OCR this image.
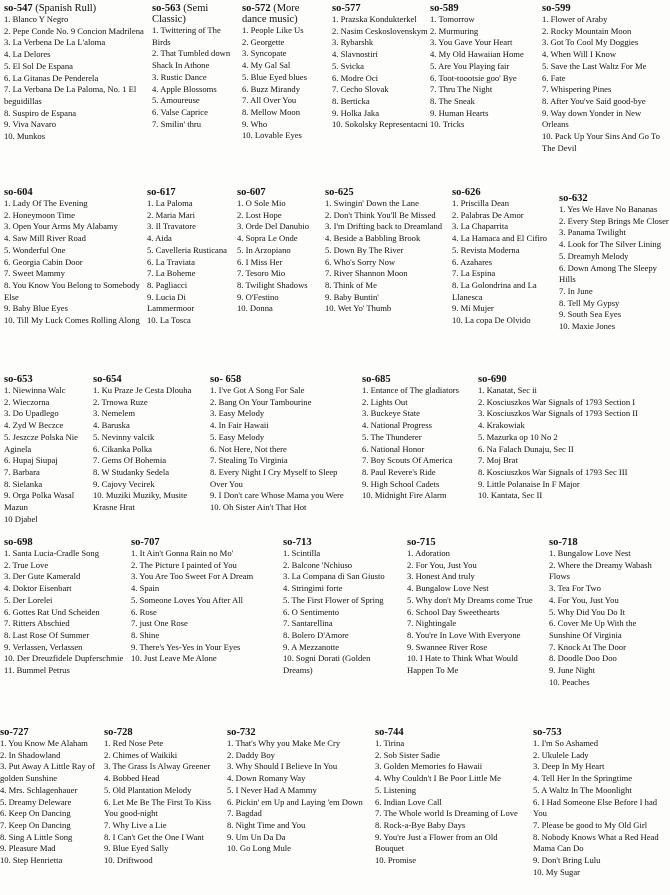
so-547 (Spanish Rull)
1. Blanco Y Negro
2. Pepe Conde No. 9 Concion Madrilena
3. La Verbena De La L'aloma
4. La Delores
5. El Sol De Espana
6. La Gitanas De Penderela
7. La Verbana De La Paloma, No. 1 El beguidillas
8. Suspiro de Espana
9. Viva Navaro
10. Munkos
so-563 (Semi Classic)
1. Twittering of The Birds
2. That Tumbled down Shack In Athone
3. Rustic Dance
4. Apple Blossoms
5. Amoureuse
6. Valse Caprice
7. Smilin' thru
so-572 (More dance music)
1. People Like Us
2. Georgette
3. Syncopate
4. My Gal Sal
5. Blue Eyed blues
6. Buzz Mirandy
7. All Over You
8. Mellow Moon
9. Who
10. Lovable Eyes
so-577
1. Prazska Kondukterkel
2. Nasim Ceskoslovenskym
3. Rybarshk
4. Slavnostiri
5. Svicka
6. Modre Oci
7. Cecho Slovak
8. Berticka
9. Holka Jaka
10. Sokolsky Representacni
so-589
1. Tomorrow
2. Murmuring
3. You Gave Your Heart
4. My Old Hawaiian Home
5. Are You Playing fair
6. Toot-toootsie goo' Bye
7. Thru The Night
8. The Sneak
9. Human Hearts
10. Tricks
so-599
1. Flower of Araby
2. Rocky Mountain Moon
3. Got To Cool My Doggies
4. When Will I Know
5. Save the Last Waltz For Me
6. Fate
7. Whispering Pines
8. After You've Said good-bye
9. Way down Yonder in New Orleans
10. Pack Up Your Sins And Go To The Devil
so-604
1. Lady Of The Evening
2. Honeymoon Time
3. Open Your Arms My Alabamy
4. Saw Mill River Road
5. Wonderful One
6. Georgia Cabin Door
7. Sweet Mammy
8. You Know You Belong to Somebody Else
9. Baby Blue Eyes
10. Till My Luck Comes Rolling Along
so-617
1. La Paloma
2. Maria Mari
3. Il Travatore
4. Aida
5. Cavelleria Rusticana
6. La Traviata
7. La Boheme
8. Pagliacci
9. Lucia Di Lammermoor
10. La Tosca
so-607
1. O Sole Mio
2. Lost Hope
3. Orde Del Danubio
4. Sopra Le Onde
5. In Arzopiano
6. I Miss Her
7. Tesoro Mio
8. Twilight Shadows
9. O'Festino
10. Donna
so-625
1. Swingin' Down the Lane
2. Don't Think You'll Be Missed
3. I'm Drifting back to Dreamland
4. Beside a Babbling Brook
5. Down By The River
6. Who's Sorry Now
7. River Shannon Moon
8. Think of Me
9. Baby Buntin'
10. Wet Yo' Thumb
so-626
1. Priscilla Dean
2. Palabras De Amor
3. La Chaparrita
4. La Hamaca and El Cifiro
5. Revista Moderna
6. Azahares
7. La Espina
8. La Golondrina and La Llanesca
9. Mi Mujer
10. La copa De Olvido
so-632
1. Yes We Have No Bananas
2. Every Step Brings Me Closer
3. Panama Twilight
4. Look for The Silver Lining
5. Dreamyh Melody
6. Down Among The Sleepy Hills
7. In June
8. Tell My Gypsy
9. South Sea Eyes
10. Maxie Jones
so-653
1. Niewinna Walc
2. Wieczorna
3. Do Upadlego
4. Zyd W Beczce
5. Jeszcze Polska Nie Aginela
6. Hupaj Siupaj
7. Barbara
8. Sielanka
9. Orga Polka Wasal Mazun
10 Djabel
so-654
1. Ku Praze Je Cesta Dlouha
2. Trnowa Ruze
3. Nemelem
4. Baruska
5. Nevinny valcik
6. Cikanka Polka
7. Gems Of Bohemia
8. W Studanky Sedela
9. Cajovy Vecirek
10. Muziki Muziky, Musite Krasne Hrat
so- 658
1. I've Got A Song For Sale
2. Bang On Your Tambourine
3. Easy Melody
4. In Fair Hawaii
5. Easy Melody
6. Not Here, Not there
7. Stealing To Virginia
8. Every Night I Cry Myself to Sleep Over You
9. I Don't care Whose Mama you Were
10. Oh Sister Ain't That Hot
so-685
1. Entance of The gladiators
2. Lights Out
3. Buckeye State
4. National Progress
5. The Thunderer
6. National Honor
7. Boy Scouts Of America
8. Paul Revere's Ride
9. High School Cadets
10. Midnight Fire Alarm
so-690
1. Kanatat, Sec ii
2. Kosciuszkos War Signals of 1793 Section I
3. Kosciuszkos War Signals of 1793 Section II
4. Krakowiak
5. Mazurka op 10 No 2
6. Na Falach Dunaju, Sec II
7. Moj Brat
8. Kosciuszkos War Signals of 1793 Sec III
9. Little Polanaise In F Major
10. Kantata, Sec II
so-698
1. Santa Lucia-Cradle Song
2. True Love
3. Der Gute Kamerald
4. Doktor Eisenbart
5. Der Lorelei
6. Gottes Rat Und Scheiden
7. Ritters Abschied
8. Last Rose Of Summer
9. Verlassen, Verlassen
10. Der Dreuzfidele Dupferschmie
11. Bummel Petrus
so-707
1. It Ain't Gonna Rain no Mo'
2. The Picture I painted of You
3. You Are Too Sweet For A Dream
4. Spain
5. Someone Loves You After All
6. Rose
7. just One Rose
8. Shine
9. There's Yes-Yes in Your Eyes
10. Just Leave Me Alone
so-713
1. Scintilla
2. Balcone 'Nchiuso
3. La Compana di San Giusto
4. Stringimi forte
5. The First Flower of Spring
6. O Sentimento
7. Santarellina
8. Bolero D'Amore
9. A Mezzanotte
10. Sogni Dorati (Golden Dreams)
so-715
1. Adoration
2. For You, Just You
3. Honest And truly
4. Bungalow Love Nest
5. Why don't My Dreams come True
6. School Day Sweethearts
7. Nightingale
8. You're In Love With Everyone
9. Swannee River Rose
10. I Hate to Think What Would Happen To Me
so-718
1. Bungalow Love Nest
2. Where the Dreamy Wabash Flows
3. Tea For Two
4. For You, Just You
5. Why Did You Do It
6. Cover Me Up With the Sunshine Of Virginia
7. Knock At The Door
8. Doodle Doo Doo
9. June Night
10. Peaches
so-727
1. You Know Me Alaham
2. In Shadowland
3. Put Away A Little Ray of golden Sunshine
4. Mrs. Schlagenhauer
5. Dreamy Deleware
6. Keep On Dancing
7. Keep On Dancing
8. Sing A Little Song
9. Pleasure Mad
10. Step Henrietta
so-728
1. Red Nose Pete
2. Chimes of Waikiki
3. The Grass Is Alway Greener
4. Bobbed Head
5. Old Plantation Melody
6. Let Me Be The First To Kiss You good-night
7. Why Live a Lie
8. I Can't Get the One I Want
9. Blue Eyed Sally
10. Driftwood
so-732
1. That's Why you Make Me Cry
2. Daddy Boy
3. Why Should I Believe In You
4. Down Romany Way
5. I Never Had A Mammy
6. Pickin' em Up and Laying 'em Down
7. Bagdad
8. Night Time and You
9. Um Un Da Da
10. Go Long Mule
so-744
1. Tirina
2. Sob Sister Sadie
3. Golden Memories fo Hawaii
4. Why Couldn't I Be Poor Little Me
5. Listening
6. Indian Love Call
7. The Whole world Is Dreaming of Love
8. Rock-a-Bye Baby Days
9. You're Just a Flower from an Old Bouquet
10. Promise
so-753
1. I'm So Ashamed
2. Ukulele Lady
3. Deep In My Heart
4. Tell Her In the Springtime
5. A Waltz In The Moonlight
6. I Had Someone Else Before I had You
7. Please be good to My Old Girl
8. Nobody Knows What a Red Head Mama Can Do
9. Don't Bring Lulu
10. My Sugar
